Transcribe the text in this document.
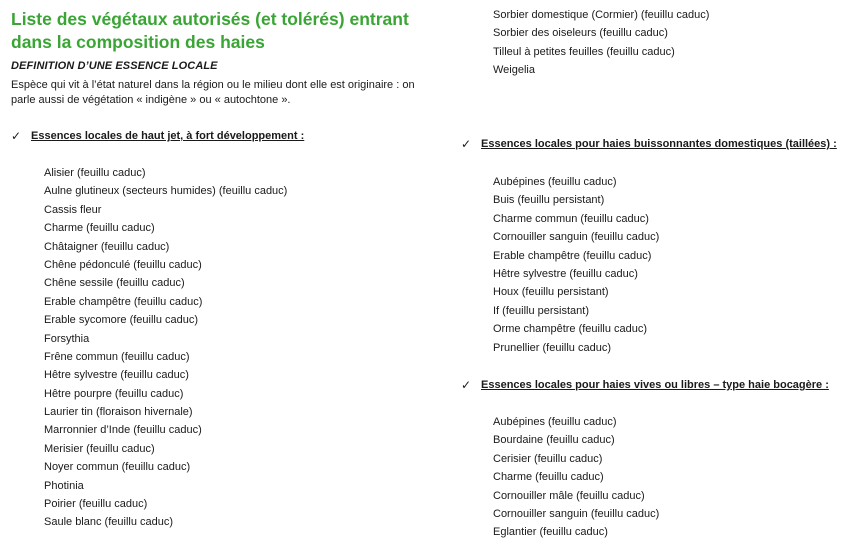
Liste des végétaux autorisés (et tolérés) entrant dans la composition des haies
DEFINITION D’UNE ESSENCE LOCALE
Espèce qui vit à l’état naturel dans la région ou le milieu dont elle est originaire : on parle aussi de végétation « indigène » ou « autochtone ».
✓ Essences locales de haut jet, à fort développement :
Alisier (feuillu caduc)
Aulne glutineux (secteurs humides) (feuillu caduc)
Cassis fleur
Charme (feuillu caduc)
Châtaigner (feuillu caduc)
Chêne pédonculé (feuillu caduc)
Chêne sessile (feuillu caduc)
Erable champêtre (feuillu caduc)
Erable sycomore (feuillu caduc)
Forsythia
Frêne commun (feuillu caduc)
Hêtre sylvestre (feuillu caduc)
Hêtre pourpre (feuillu caduc)
Laurier tin (floraison hivernale)
Marronnier d’Inde (feuillu caduc)
Merisier (feuillu caduc)
Noyer commun (feuillu caduc)
Photinia
Poirier (feuillu caduc)
Saule blanc (feuillu caduc)
Sorbier domestique (Cormier) (feuillu caduc)
Sorbier des oiseleurs (feuillu caduc)
Tilleul à petites feuilles (feuillu caduc)
Weigelia
✓ Essences locales pour haies buissonnantes domestiques (taillées) :
Aubépines (feuillu caduc)
Buis (feuillu persistant)
Charme commun (feuillu caduc)
Cornouiller sanguin (feuillu caduc)
Erable champêtre (feuillu caduc)
Hêtre sylvestre (feuillu caduc)
Houx (feuillu persistant)
If (feuillu persistant)
Orme champêtre (feuillu caduc)
Prunellier (feuillu caduc)
✓ Essences locales pour haies vives ou libres – type haie bocagère :
Aubépines (feuillu caduc)
Bourdaine (feuillu caduc)
Cerisier (feuillu caduc)
Charme (feuillu caduc)
Cornouiller mâle (feuillu caduc)
Cornouiller sanguin (feuillu caduc)
Eglantier (feuillu caduc)
